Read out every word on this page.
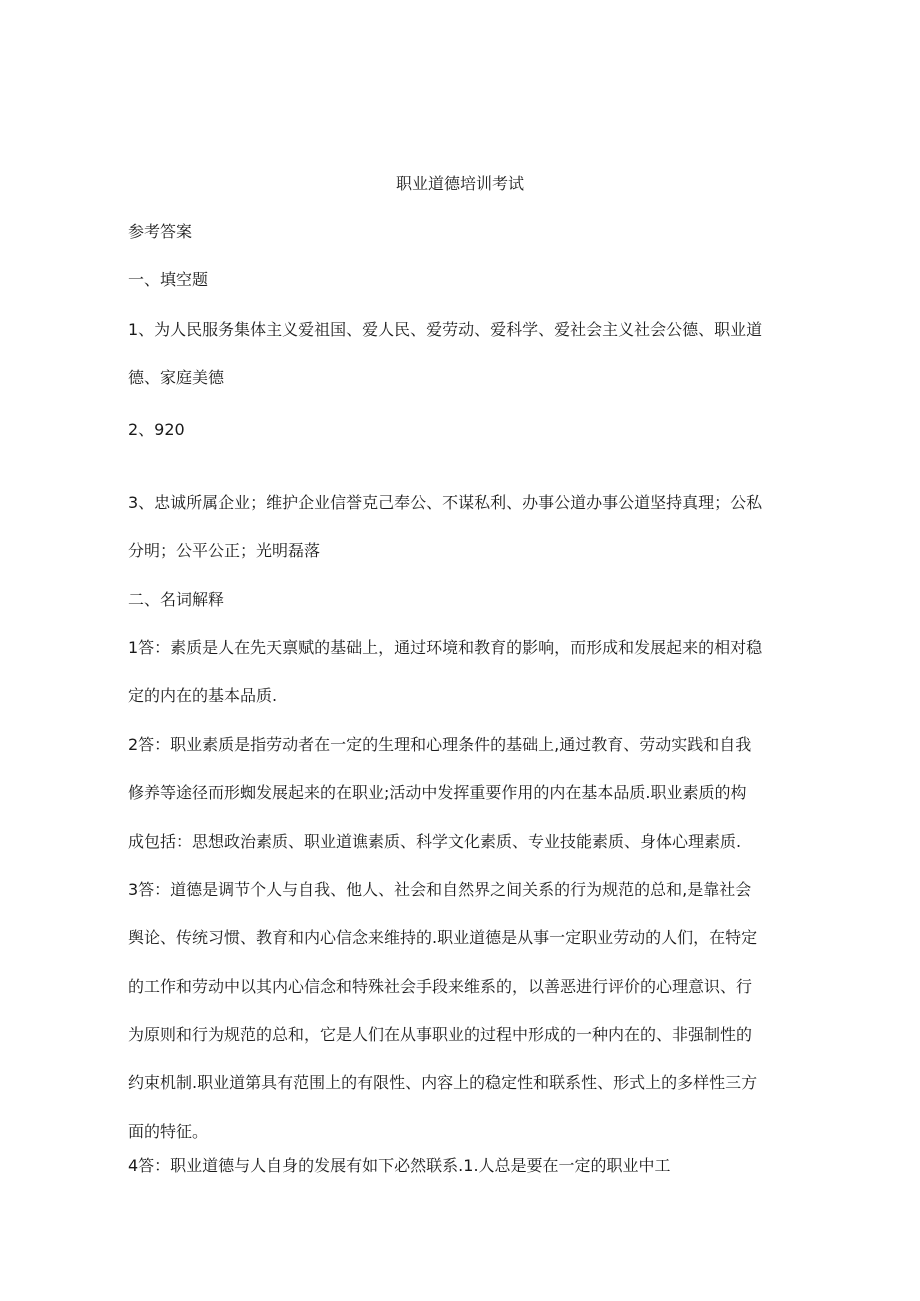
职业道德培训考试
参考答案
一、填空题
1、为人民服务集体主义爱祖国、爱人民、爱劳动、爱科学、爱社会主义社会公德、职业道
德、家庭美德
2、920
3、忠诚所属企业；维护企业信誉克己奉公、不谋私利、办事公道办事公道坚持真理；公私
分明；公平公正；光明磊落
二、名词解释
1答：素质是人在先天禀赋的基础上，通过环境和教育的影响，而形成和发展起来的相对稳
定的内在的基本品质.
2答：职业素质是指劳动者在一定的生理和心理条件的基础上,通过教育、劳动实践和自我
修养等途径而形蜘发展起来的在职业;活动中发挥重要作用的内在基本品质.职业素质的构
成包括：思想政治素质、职业道谯素质、科学文化素质、专业技能素质、身体心理素质.
3答：道德是调节个人与自我、他人、社会和自然界之间关系的行为规范的总和,是靠社会
舆论、传统习惯、教育和内心信念来维持的.职业道德是从事一定职业劳动的人们，在特定
的工作和劳动中以其内心信念和特殊社会手段来维系的，以善恶进行评价的心理意识、行
为原则和行为规范的总和，它是人们在从事职业的过程中形成的一种内在的、非强制性的
约束机制.职业道第具有范围上的有限性、内容上的稳定性和联系性、形式上的多样性三方
面的特征。
4答：职业道德与人自身的发展有如下必然联系.1.人总是要在一定的职业中工
